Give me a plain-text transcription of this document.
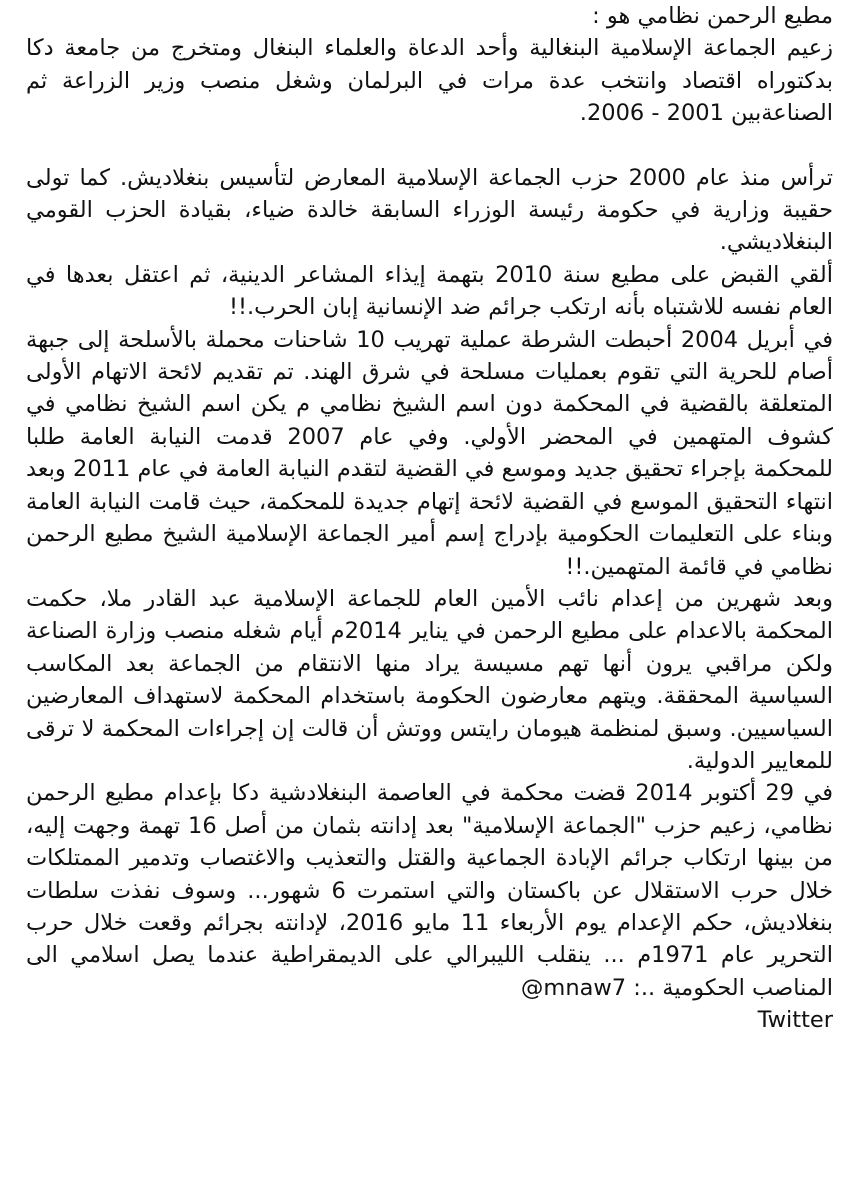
مطيع الرحمن نظامي هو :

زعيم الجماعة الإسلامية البنغالية وأحد الدعاة والعلماء البنغال ومتخرج من جامعة دكا بدكتوراه اقتصاد وانتخب عدة مرات في البرلمان وشغل منصب وزير الزراعة ثم الصناعةبين 2001 - 2006.

ترأس منذ عام 2000 حزب الجماعة الإسلامية المعارض لتأسيس بنغلاديش. كما تولى حقيبة وزارية في حكومة رئيسة الوزراء السابقة خالدة ضياء، بقيادة الحزب القومي البنغلاديشي.

ألقي القبض على مطيع سنة 2010 بتهمة إيذاء المشاعر الدينية، ثم اعتقل بعدها في العام نفسه للاشتباه بأنه ارتكب جرائم ضد الإنسانية إبان الحرب.!!

في أبريل 2004 أحبطت الشرطة عملية تهريب 10 شاحنات محملة بالأسلحة إلى جبهة أصام للحرية التي تقوم بعمليات مسلحة في شرق الهند. تم تقديم لائحة الاتهام الأولى المتعلقة بالقضية في المحكمة دون اسم الشيخ نظامي م يكن اسم الشيخ نظامي في كشوف المتهمين في المحضر الأولي. وفي عام 2007 قدمت النيابة العامة طلبا للمحكمة بإجراء تحقيق جديد وموسع في القضية لتقدم النيابة العامة في عام 2011 وبعد انتهاء التحقيق الموسع في القضية لائحة إتهام جديدة للمحكمة، حيث قامت النيابة العامة وبناء على التعليمات الحكومية بإدراج إسم أمير الجماعة الإسلامية الشيخ مطيع الرحمن نظامي في قائمة المتهمين.!!

وبعد شهرين من إعدام نائب الأمين العام للجماعة الإسلامية عبد القادر ملا، حكمت المحكمة بالاعدام على مطيع الرحمن في يناير 2014م أيام شغله منصب وزارة الصناعة ولكن مراقبي يرون أنها تهم مسيسة يراد منها الانتقام من الجماعة بعد المكاسب السياسية المحققة. ويتهم معارضون الحكومة باستخدام المحكمة لاستهداف المعارضين السياسيين. وسبق لمنظمة هيومان رايتس ووتش أن قالت إن إجراءات المحكمة لا ترقى للمعايير الدولية.

في 29 أكتوبر 2014 قضت محكمة في العاصمة البنغلادشية دكا بإعدام مطيع الرحمن نظامي، زعيم حزب "الجماعة الإسلامية" بعد إدانته بثمان من أصل 16 تهمة وجهت إليه، من بينها ارتكاب جرائم الإبادة الجماعية والقتل والتعذيب والاغتصاب وتدمير الممتلكات خلال حرب الاستقلال عن باكستان والتي استمرت 6 شهور... وسوف نفذت سلطات بنغلاديش، حكم الإعدام يوم الأربعاء 11 مايو 2016، لإدانته بجرائم وقعت خلال حرب التحرير عام 1971م ... ينقلب الليبرالي على الديمقراطية عندما يصل اسلامي الى المناصب الحكومية ..: mnaw7@

Twitter
